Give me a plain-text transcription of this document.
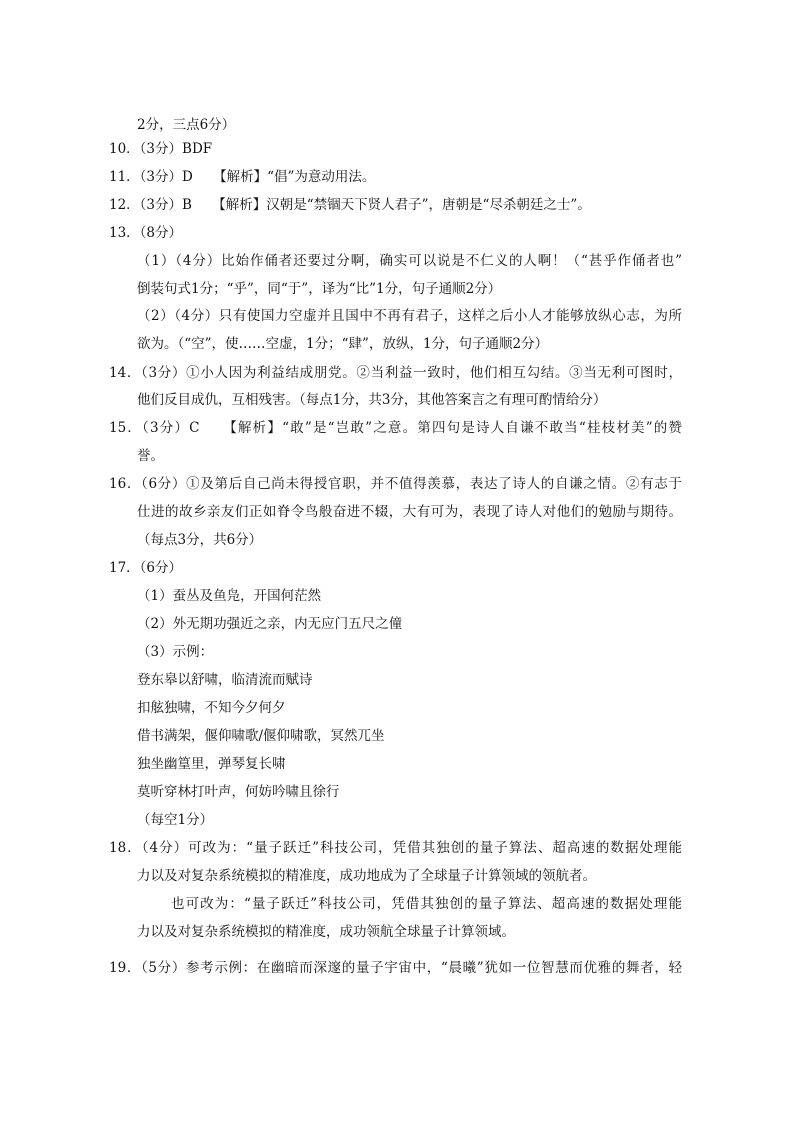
2分，三点6分）
10．（3分）BDF
11．（3分）D　　【解析】“倡”为意动用法。
12．（3分）B　　【解析】汉朝是“禁锢天下贤人君子”，唐朝是“尽杀朝廷之士”。
13．（8分）
（1）（4分）比始作俑者还要过分啊，确实可以说是不仁义的人啊！（“甚乎作俑者也”
倒装句式1分；“乎”，同“于”，译为“比”1分，句子通顺2分）
（2）（4分）只有使国力空虚并且国中不再有君子，这样之后小人才能够放纵心志，为所
欲为。（“空”，使……空虚，1分；“肆”，放纵，1分，句子通顺2分）
14．（3分）①小人因为利益结成朋党。②当利益一致时，他们相互勾结。③当无利可图时，
他们反目成仇，互相残害。（每点1分，共3分，其他答案言之有理可酌情给分）
15．（3分）C　　【解析】“敢”是“岂敢”之意。第四句是诗人自谦不敢当“桂枝材美”的赞
誉。
16．（6分）①及第后自己尚未得授官职，并不值得羡慕，表达了诗人的自谦之情。②有志于
仕进的故乡亲友们正如脊令鸟般奋进不辍，大有可为，表现了诗人对他们的勉励与期待。
（每点3分，共6分）
17．（6分）
（1）蚕丛及鱼凫，开国何茫然
（2）外无期功强近之亲，内无应门五尺之僮
（3）示例：
登东皋以舒啸，临清流而赋诗
扣舷独啸，不知今夕何夕
借书满架，偃仰啸歌/偃仰啸歌，冥然兀坐
独坐幽篁里，弹琴复长啸
莫听穿林打叶声，何妨吟啸且徐行
（每空1分）
18．（4分）可改为：“量子跃迁”科技公司，凭借其独创的量子算法、超高速的数据处理能
力以及对复杂系统模拟的精准度，成功地成为了全球量子计算领域的领航者。
也可改为：“量子跃迁”科技公司，凭借其独创的量子算法、超高速的数据处理能
力以及对复杂系统模拟的精准度，成功领航全球量子计算领域。
19．（5分）参考示例：在幽暗而深邃的量子宇宙中，“晨曦”犹如一位智慧而优雅的舞者，轻
